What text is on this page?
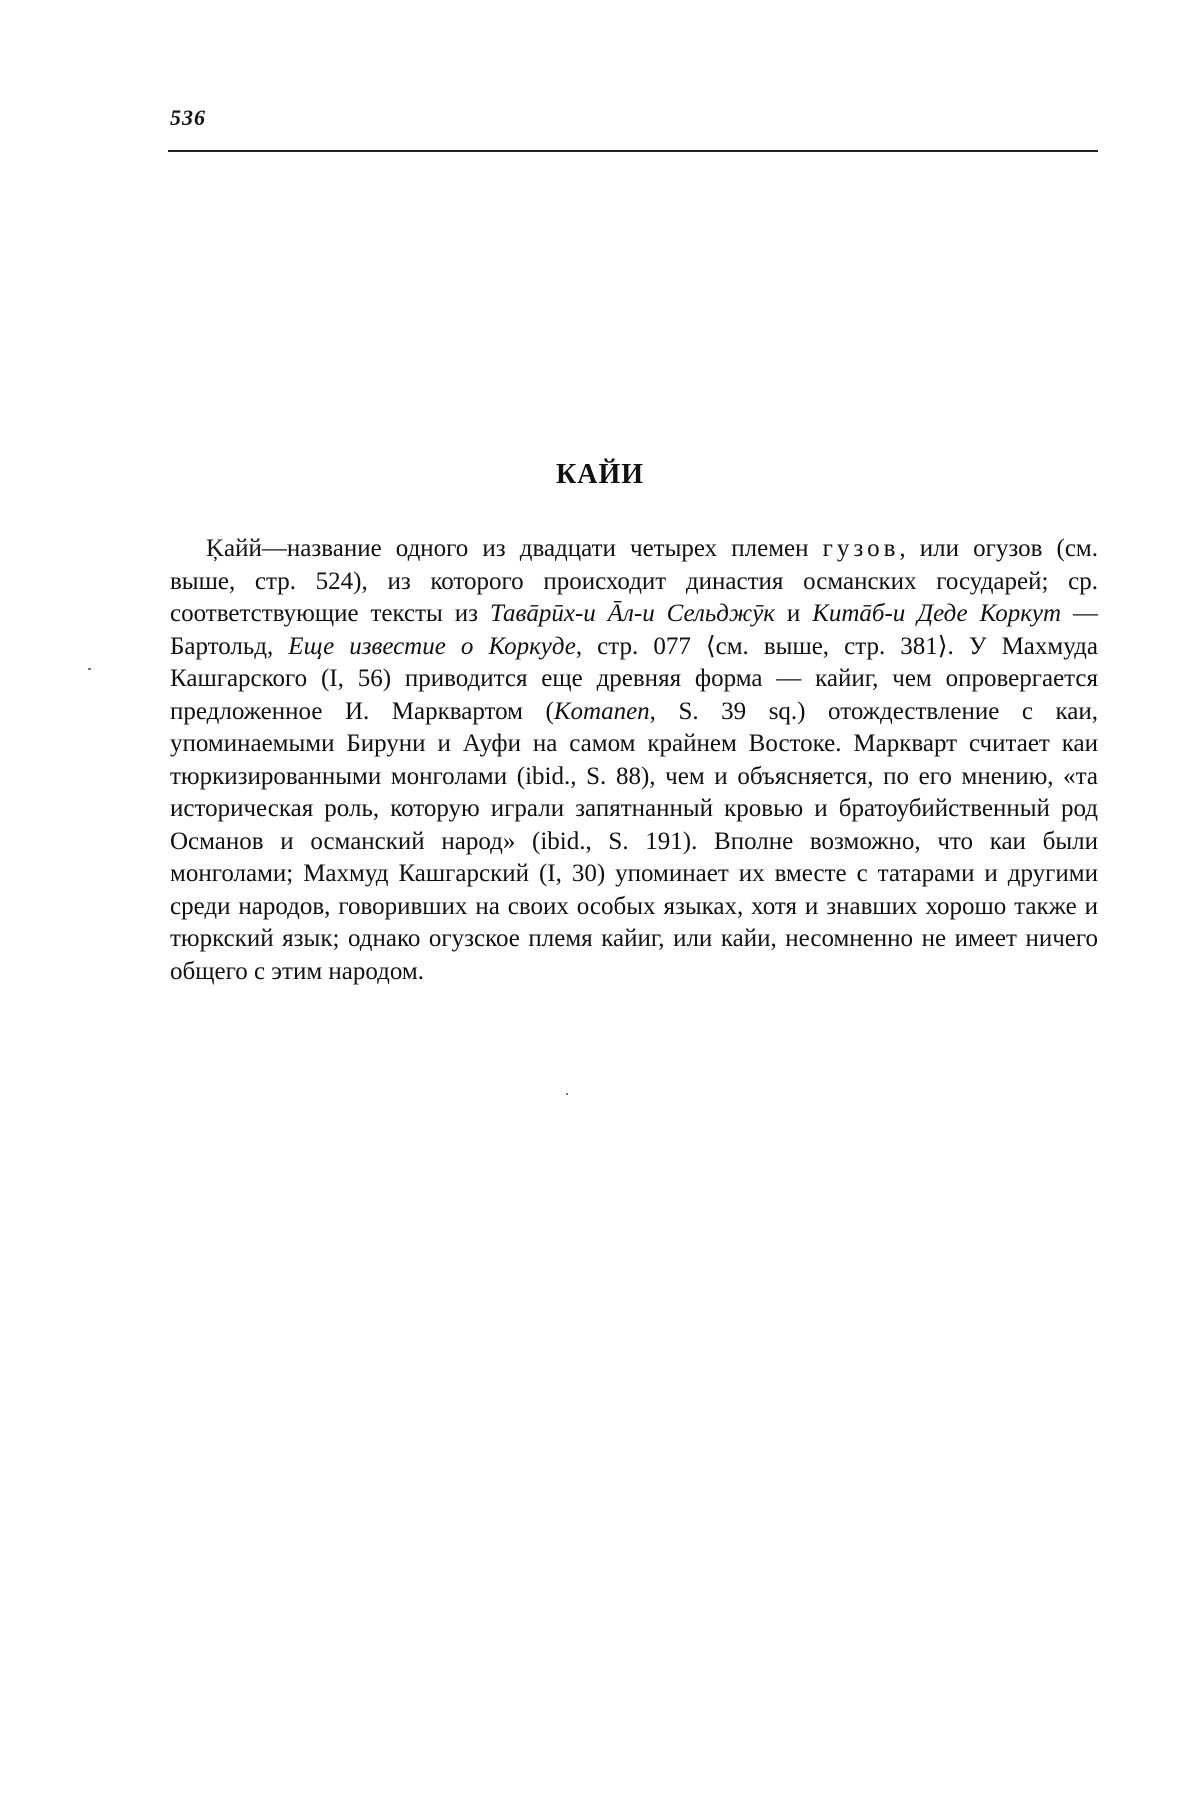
536
КАЙИ

Ķайй—название одного из двадцати четырех племен гузов, или огузов (см. выше, стр. 524), из которого происходит династия османских государей; ср. соответствующие тексты из Тавāрӣх-и Āл-и Сельджӯк и Китāб-и Деде Коркут — Бартольд, Еще известие о Коркуде, стр. 077 ⟨см. выше, стр. 381⟩. У Махмуда Кашгарского (I, 56) приводится еще древняя форма — кайиг, чем опровергается предложенное И. Марквартом (Komanen, S. 39 sq.) отождествление с каи, упоминаемыми Бируни и Ауфи на самом крайнем Востоке. Маркварт считает каи тюркизированными монголами (ibid., S. 88), чем и объясняется, по его мнению, «та историческая роль, которую играли запятнанный кровью и братоубийственный род Османов и османский народ» (ibid., S. 191). Вполне возможно, что каи были монголами; Махмуд Кашгарский (I, 30) упоминает их вместе с татарами и другими среди народов, говоривших на своих особых языках, хотя и знавших хорошо также и тюркский язык; однако огузское племя кайиг, или кайи, несомненно не имеет ничего общего с этим народом.
